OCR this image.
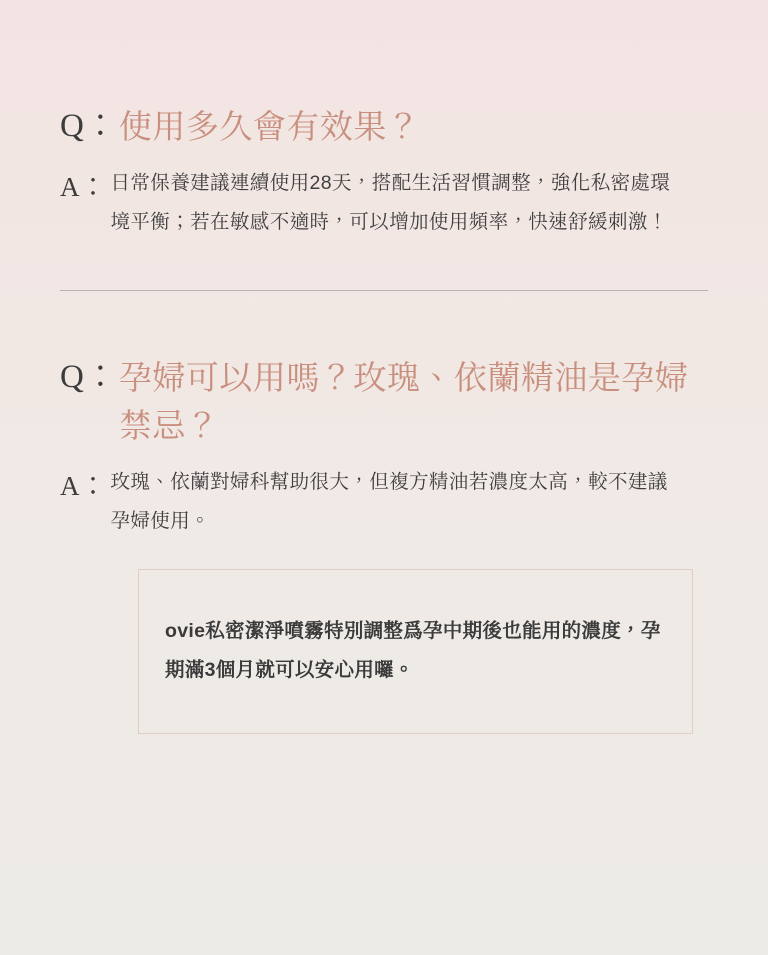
Q： 使用多久會有效果？
A： 日常保養建議連續使用28天，搭配生活習慣調整，強化私密處環境平衡；若在敏感不適時，可以增加使用頻率，快速舒緩刺激！
Q： 孕婦可以用嗎？玫瑰、依蘭精油是孕婦禁忌？
A： 玫瑰、依蘭對婦科幫助很大，但複方精油若濃度太高，較不建議孕婦使用。

ovie私密潔淨噴霧特別調整爲孕中期後也能用的濃度，孕期滿3個月就可以安心用囉。
